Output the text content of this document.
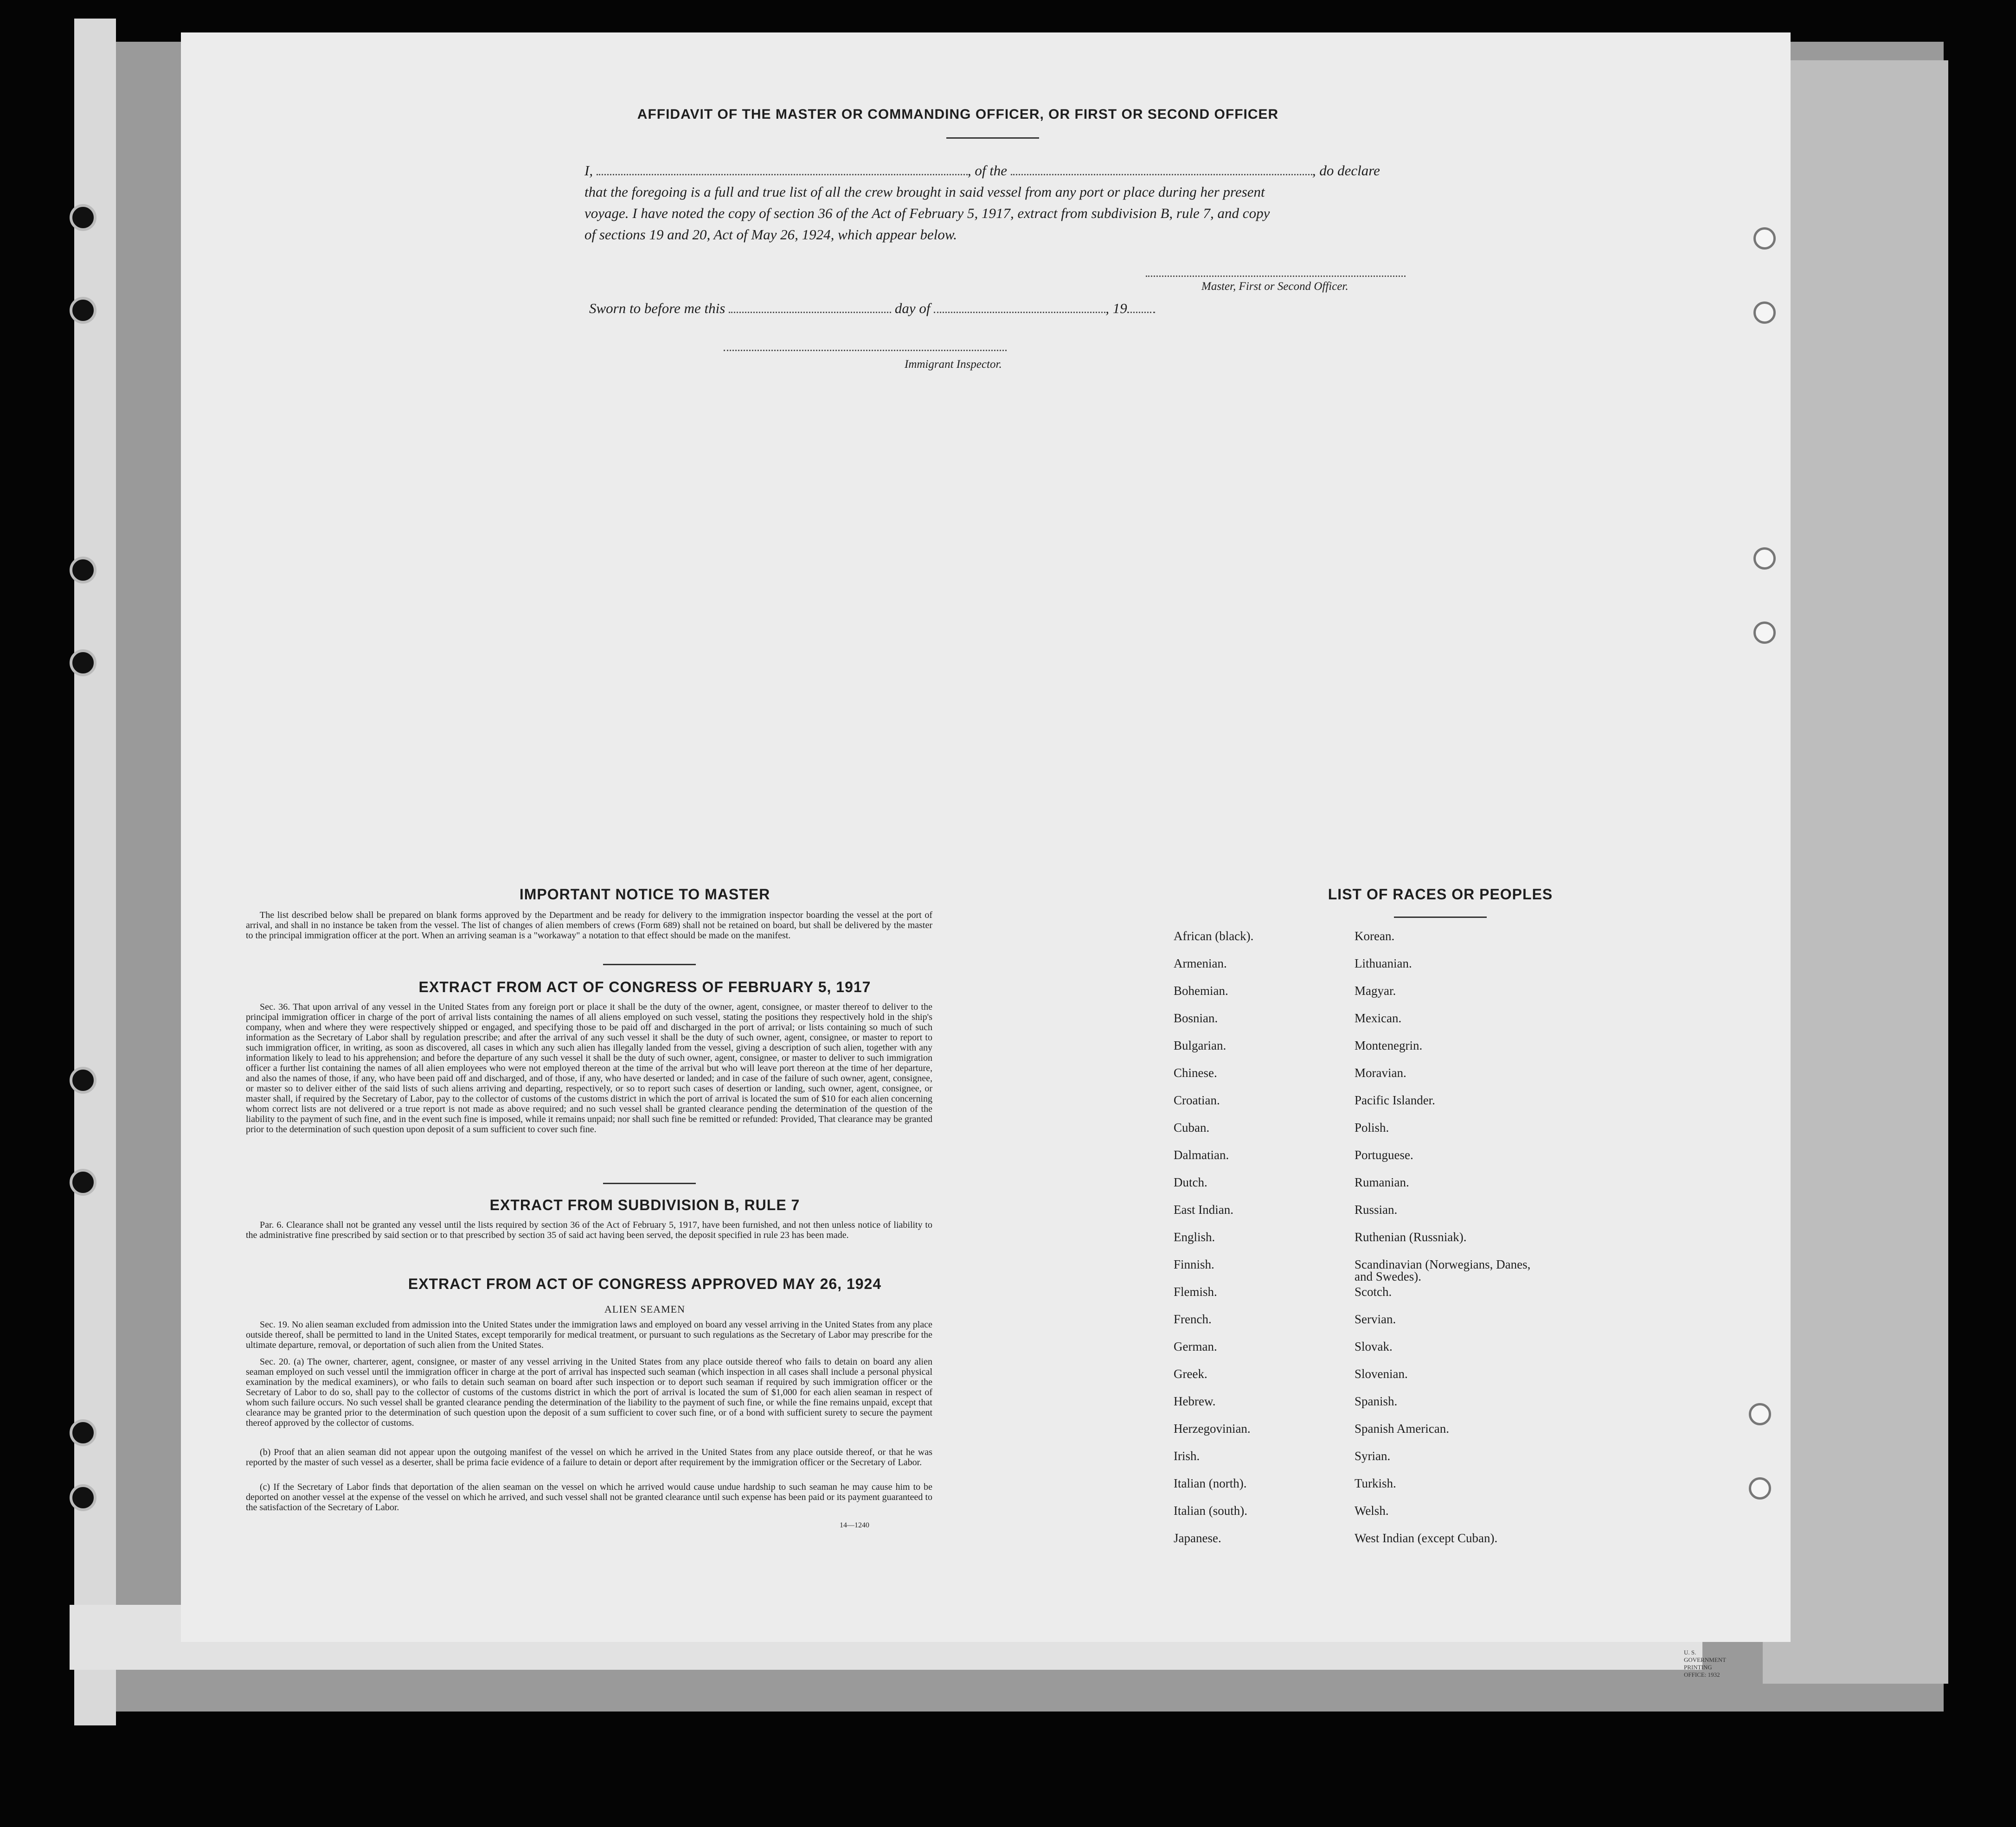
U. S. GOVERNMENT PRINTING OFFICE: 1932
AFFIDAVIT OF THE MASTER OR COMMANDING OFFICER, OR FIRST OR SECOND OFFICER
I,	, of the	, do declare
that the foregoing is a full and true list of all the crew brought in said vessel from any port or place during her present
voyage. I have noted the copy of section 36 of the Act of February 5, 1917, extract from subdivision B, rule 7, and copy
of sections 19 and 20, Act of May 26, 1924, which appear below.
Master, First or Second Officer.
Sworn to before me this	day of	, 19
Immigrant Inspector.
IMPORTANT NOTICE TO MASTER
The list described below shall be prepared on blank forms approved by the Department and be ready for delivery to the immigration inspector boarding the vessel at the port of arrival, and shall in no instance be taken from the vessel. The list of changes of alien members of crews (Form 689) shall not be retained on board, but shall be delivered by the master to the principal immigration officer at the port. When an arriving seaman is a "workaway" a notation to that effect should be made on the manifest.
EXTRACT FROM ACT OF CONGRESS OF FEBRUARY 5, 1917
Sec. 36. That upon arrival of any vessel in the United States from any foreign port or place it shall be the duty of the owner, agent, consignee, or master thereof to deliver to the principal immigration officer in charge of the port of arrival lists containing the names of all aliens employed on such vessel, stating the positions they respectively hold in the ship's company, when and where they were respectively shipped or engaged, and specifying those to be paid off and discharged in the port of arrival; or lists containing so much of such information as the Secretary of Labor shall by regulation prescribe; and after the arrival of any such vessel it shall be the duty of such owner, agent, consignee, or master to report to such immigration officer, in writing, as soon as discovered, all cases in which any such alien has illegally landed from the vessel, giving a description of such alien, together with any information likely to lead to his apprehension; and before the departure of any such vessel it shall be the duty of such owner, agent, consignee, or master to deliver to such immigration officer a further list containing the names of all alien employees who were not employed thereon at the time of the arrival but who will leave port thereon at the time of her departure, and also the names of those, if any, who have been paid off and discharged, and of those, if any, who have deserted or landed; and in case of the failure of such owner, agent, consignee, or master so to deliver either of the said lists of such aliens arriving and departing, respectively, or so to report such cases of desertion or landing, such owner, agent, consignee, or master shall, if required by the Secretary of Labor, pay to the collector of customs of the customs district in which the port of arrival is located the sum of $10 for each alien concerning whom correct lists are not delivered or a true report is not made as above required; and no such vessel shall be granted clearance pending the determination of the question of the liability to the payment of such fine, and in the event such fine is imposed, while it remains unpaid; nor shall such fine be remitted or refunded: Provided, That clearance may be granted prior to the determination of such question upon deposit of a sum sufficient to cover such fine.
EXTRACT FROM SUBDIVISION B, RULE 7
Par. 6. Clearance shall not be granted any vessel until the lists required by section 36 of the Act of February 5, 1917, have been furnished, and not then unless notice of liability to the administrative fine prescribed by said section or to that prescribed by section 35 of said act having been served, the deposit specified in rule 23 has been made.
EXTRACT FROM ACT OF CONGRESS APPROVED MAY 26, 1924
ALIEN SEAMEN
Sec. 19. No alien seaman excluded from admission into the United States under the immigration laws and employed on board any vessel arriving in the United States from any place outside thereof, shall be permitted to land in the United States, except temporarily for medical treatment, or pursuant to such regulations as the Secretary of Labor may prescribe for the ultimate departure, removal, or deportation of such alien from the United States.
Sec. 20. (a) The owner, charterer, agent, consignee, or master of any vessel arriving in the United States from any place outside thereof who fails to detain on board any alien seaman employed on such vessel until the immigration officer in charge at the port of arrival has inspected such seaman (which inspection in all cases shall include a personal physical examination by the medical examiners), or who fails to detain such seaman on board after such inspection or to deport such seaman if required by such immigration officer or the Secretary of Labor to do so, shall pay to the collector of customs of the customs district in which the port of arrival is located the sum of $1,000 for each alien seaman in respect of whom such failure occurs. No such vessel shall be granted clearance pending the determination of the liability to the payment of such fine, or while the fine remains unpaid, except that clearance may be granted prior to the determination of such question upon the deposit of a sum sufficient to cover such fine, or of a bond with sufficient surety to secure the payment thereof approved by the collector of customs.
(b) Proof that an alien seaman did not appear upon the outgoing manifest of the vessel on which he arrived in the United States from any place outside thereof, or that he was reported by the master of such vessel as a deserter, shall be prima facie evidence of a failure to detain or deport after requirement by the immigration officer or the Secretary of Labor.
(c) If the Secretary of Labor finds that deportation of the alien seaman on the vessel on which he arrived would cause undue hardship to such seaman he may cause him to be deported on another vessel at the expense of the vessel on which he arrived, and such vessel shall not be granted clearance until such expense has been paid or its payment guaranteed to the satisfaction of the Secretary of Labor.
14—1240
LIST OF RACES OR PEOPLES
African (black).
Armenian.
Bohemian.
Bosnian.
Bulgarian.
Chinese.
Croatian.
Cuban.
Dalmatian.
Dutch.
East Indian.
English.
Finnish.
Flemish.
French.
German.
Greek.
Hebrew.
Herzegovinian.
Irish.
Italian (north).
Italian (south).
Japanese.
Korean.
Lithuanian.
Magyar.
Mexican.
Montenegrin.
Moravian.
Pacific Islander.
Polish.
Portuguese.
Rumanian.
Russian.
Ruthenian (Russniak).
Scandinavian (Norwegians, Danes, and Swedes).
Scotch.
Servian.
Slovak.
Slovenian.
Spanish.
Spanish American.
Syrian.
Turkish.
Welsh.
West Indian (except Cuban).
